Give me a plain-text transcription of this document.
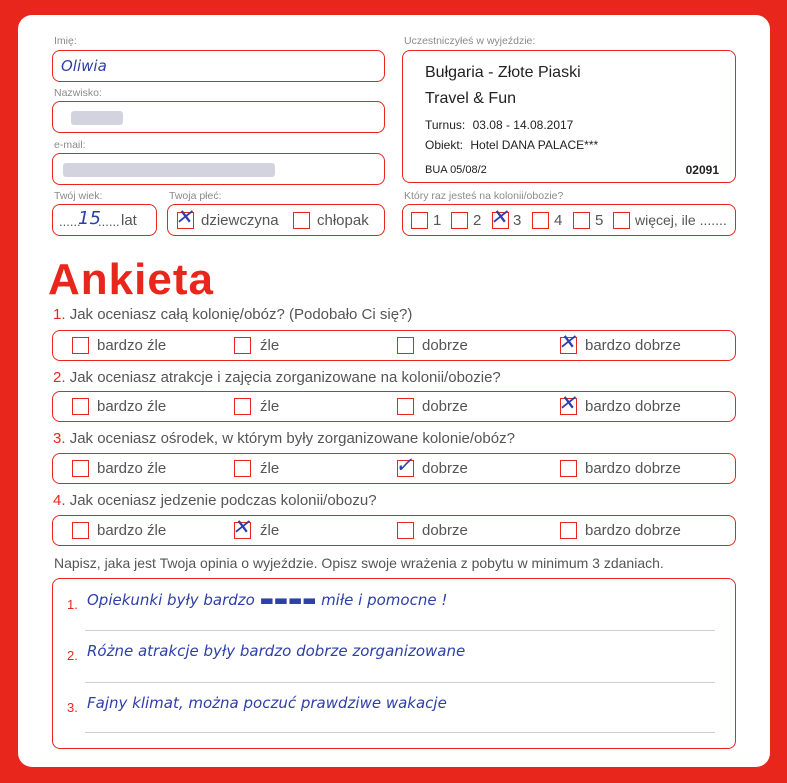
Imię:
Oliwia
Nazwisko:
e-mail:
Twój wiek:
......
15
...... lat
Twoja płeć:
✕ dziewczyna	chłopak
Uczestniczyłeś w wyjeździe:
Bułgaria - Złote Piaski
Travel & Fun
Turnus: 03.08 - 14.08.2017
Obiekt: Hotel DANA PALACE***
BUA 05/08/2	02091
Który raz jesteś na kolonii/obozie?
1 2 ✕ 3 4 5 więcej, ile .......
Ankieta
1. Jak oceniasz całą kolonię/obóz? (Podobało Ci się?)
bardzo źle	źle	dobrze	✕ bardzo dobrze
2. Jak oceniasz atrakcje i zajęcia zorganizowane na kolonii/obozie?
bardzo źle	źle	dobrze	✕ bardzo dobrze
3. Jak oceniasz ośrodek, w którym były zorganizowane kolonie/obóz?
bardzo źle	źle	✓ dobrze	bardzo dobrze
4. Jak oceniasz jedzenie podczas kolonii/obozu?
bardzo źle	✕ źle	dobrze	bardzo dobrze
Napisz, jaka jest Twoja opinia o wyjeździe. Opisz swoje wrażenia z pobytu w minimum 3 zdaniach.
1. Opiekunki były bardzo ▬▬▬▬ miłe i pomocne !
2. Różne atrakcje były bardzo dobrze zorganizowane
3. Fajny klimat, można poczuć prawdziwe wakacje
